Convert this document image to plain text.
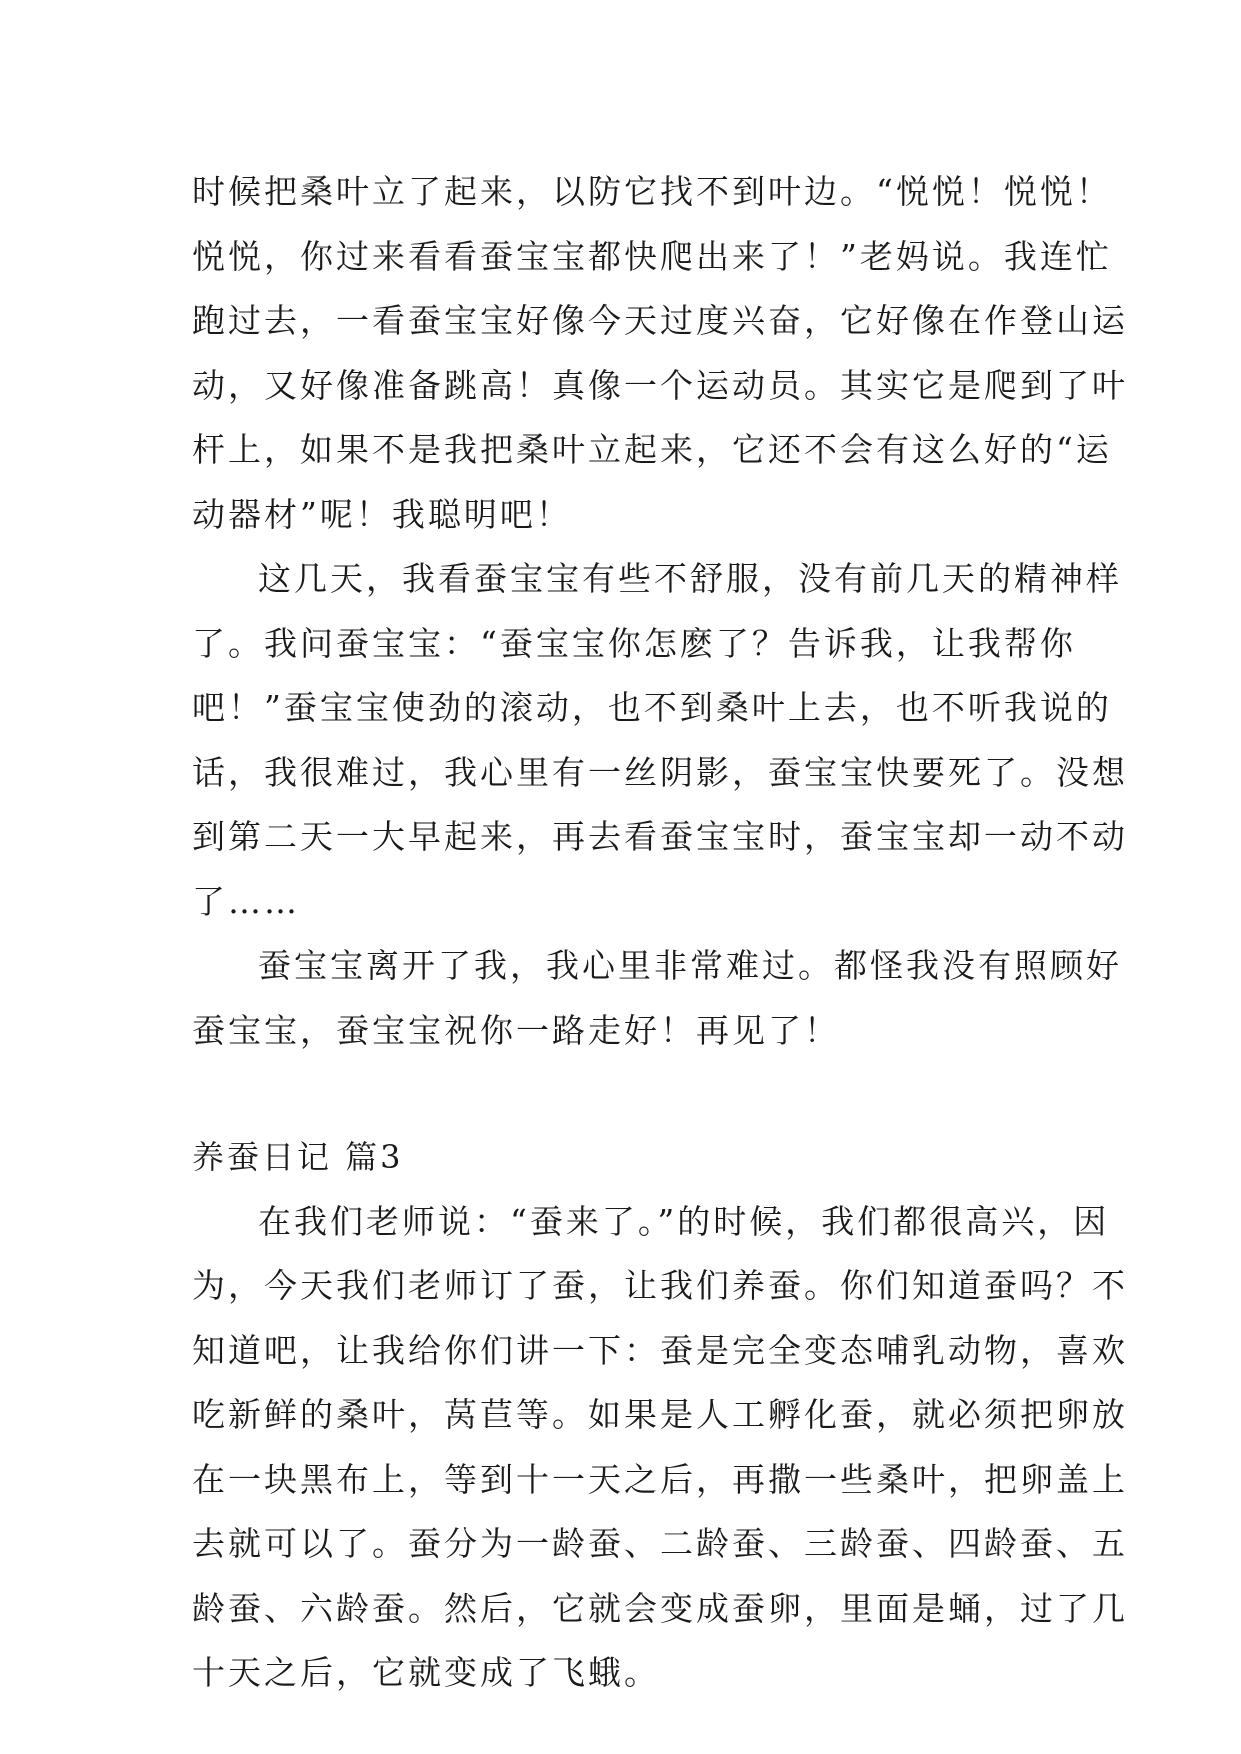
时候把桑叶立了起来，以防它找不到叶边。“悦悦！悦悦！
悦悦，你过来看看蚕宝宝都快爬出来了！”老妈说。我连忙
跑过去，一看蚕宝宝好像今天过度兴奋，它好像在作登山运
动，又好像准备跳高！真像一个运动员。其实它是爬到了叶
杆上，如果不是我把桑叶立起来，它还不会有这么好的“运
动器材”呢！我聪明吧！
这几天，我看蚕宝宝有些不舒服，没有前几天的精神样
了。我问蚕宝宝：“蚕宝宝你怎麽了？告诉我，让我帮你
吧！”蚕宝宝使劲的滚动，也不到桑叶上去，也不听我说的
话，我很难过，我心里有一丝阴影，蚕宝宝快要死了。没想
到第二天一大早起来，再去看蚕宝宝时，蚕宝宝却一动不动
了……
蚕宝宝离开了我，我心里非常难过。都怪我没有照顾好
蚕宝宝，蚕宝宝祝你一路走好！再见了！
养蚕日记 篇3
在我们老师说：“蚕来了。”的时候，我们都很高兴，因
为，今天我们老师订了蚕，让我们养蚕。你们知道蚕吗？不
知道吧，让我给你们讲一下：蚕是完全变态哺乳动物，喜欢
吃新鲜的桑叶，莴苣等。如果是人工孵化蚕，就必须把卵放
在一块黑布上，等到十一天之后，再撒一些桑叶，把卵盖上
去就可以了。蚕分为一龄蚕、二龄蚕、三龄蚕、四龄蚕、五
龄蚕、六龄蚕。然后，它就会变成蚕卵，里面是蛹，过了几
十天之后，它就变成了飞蛾。
